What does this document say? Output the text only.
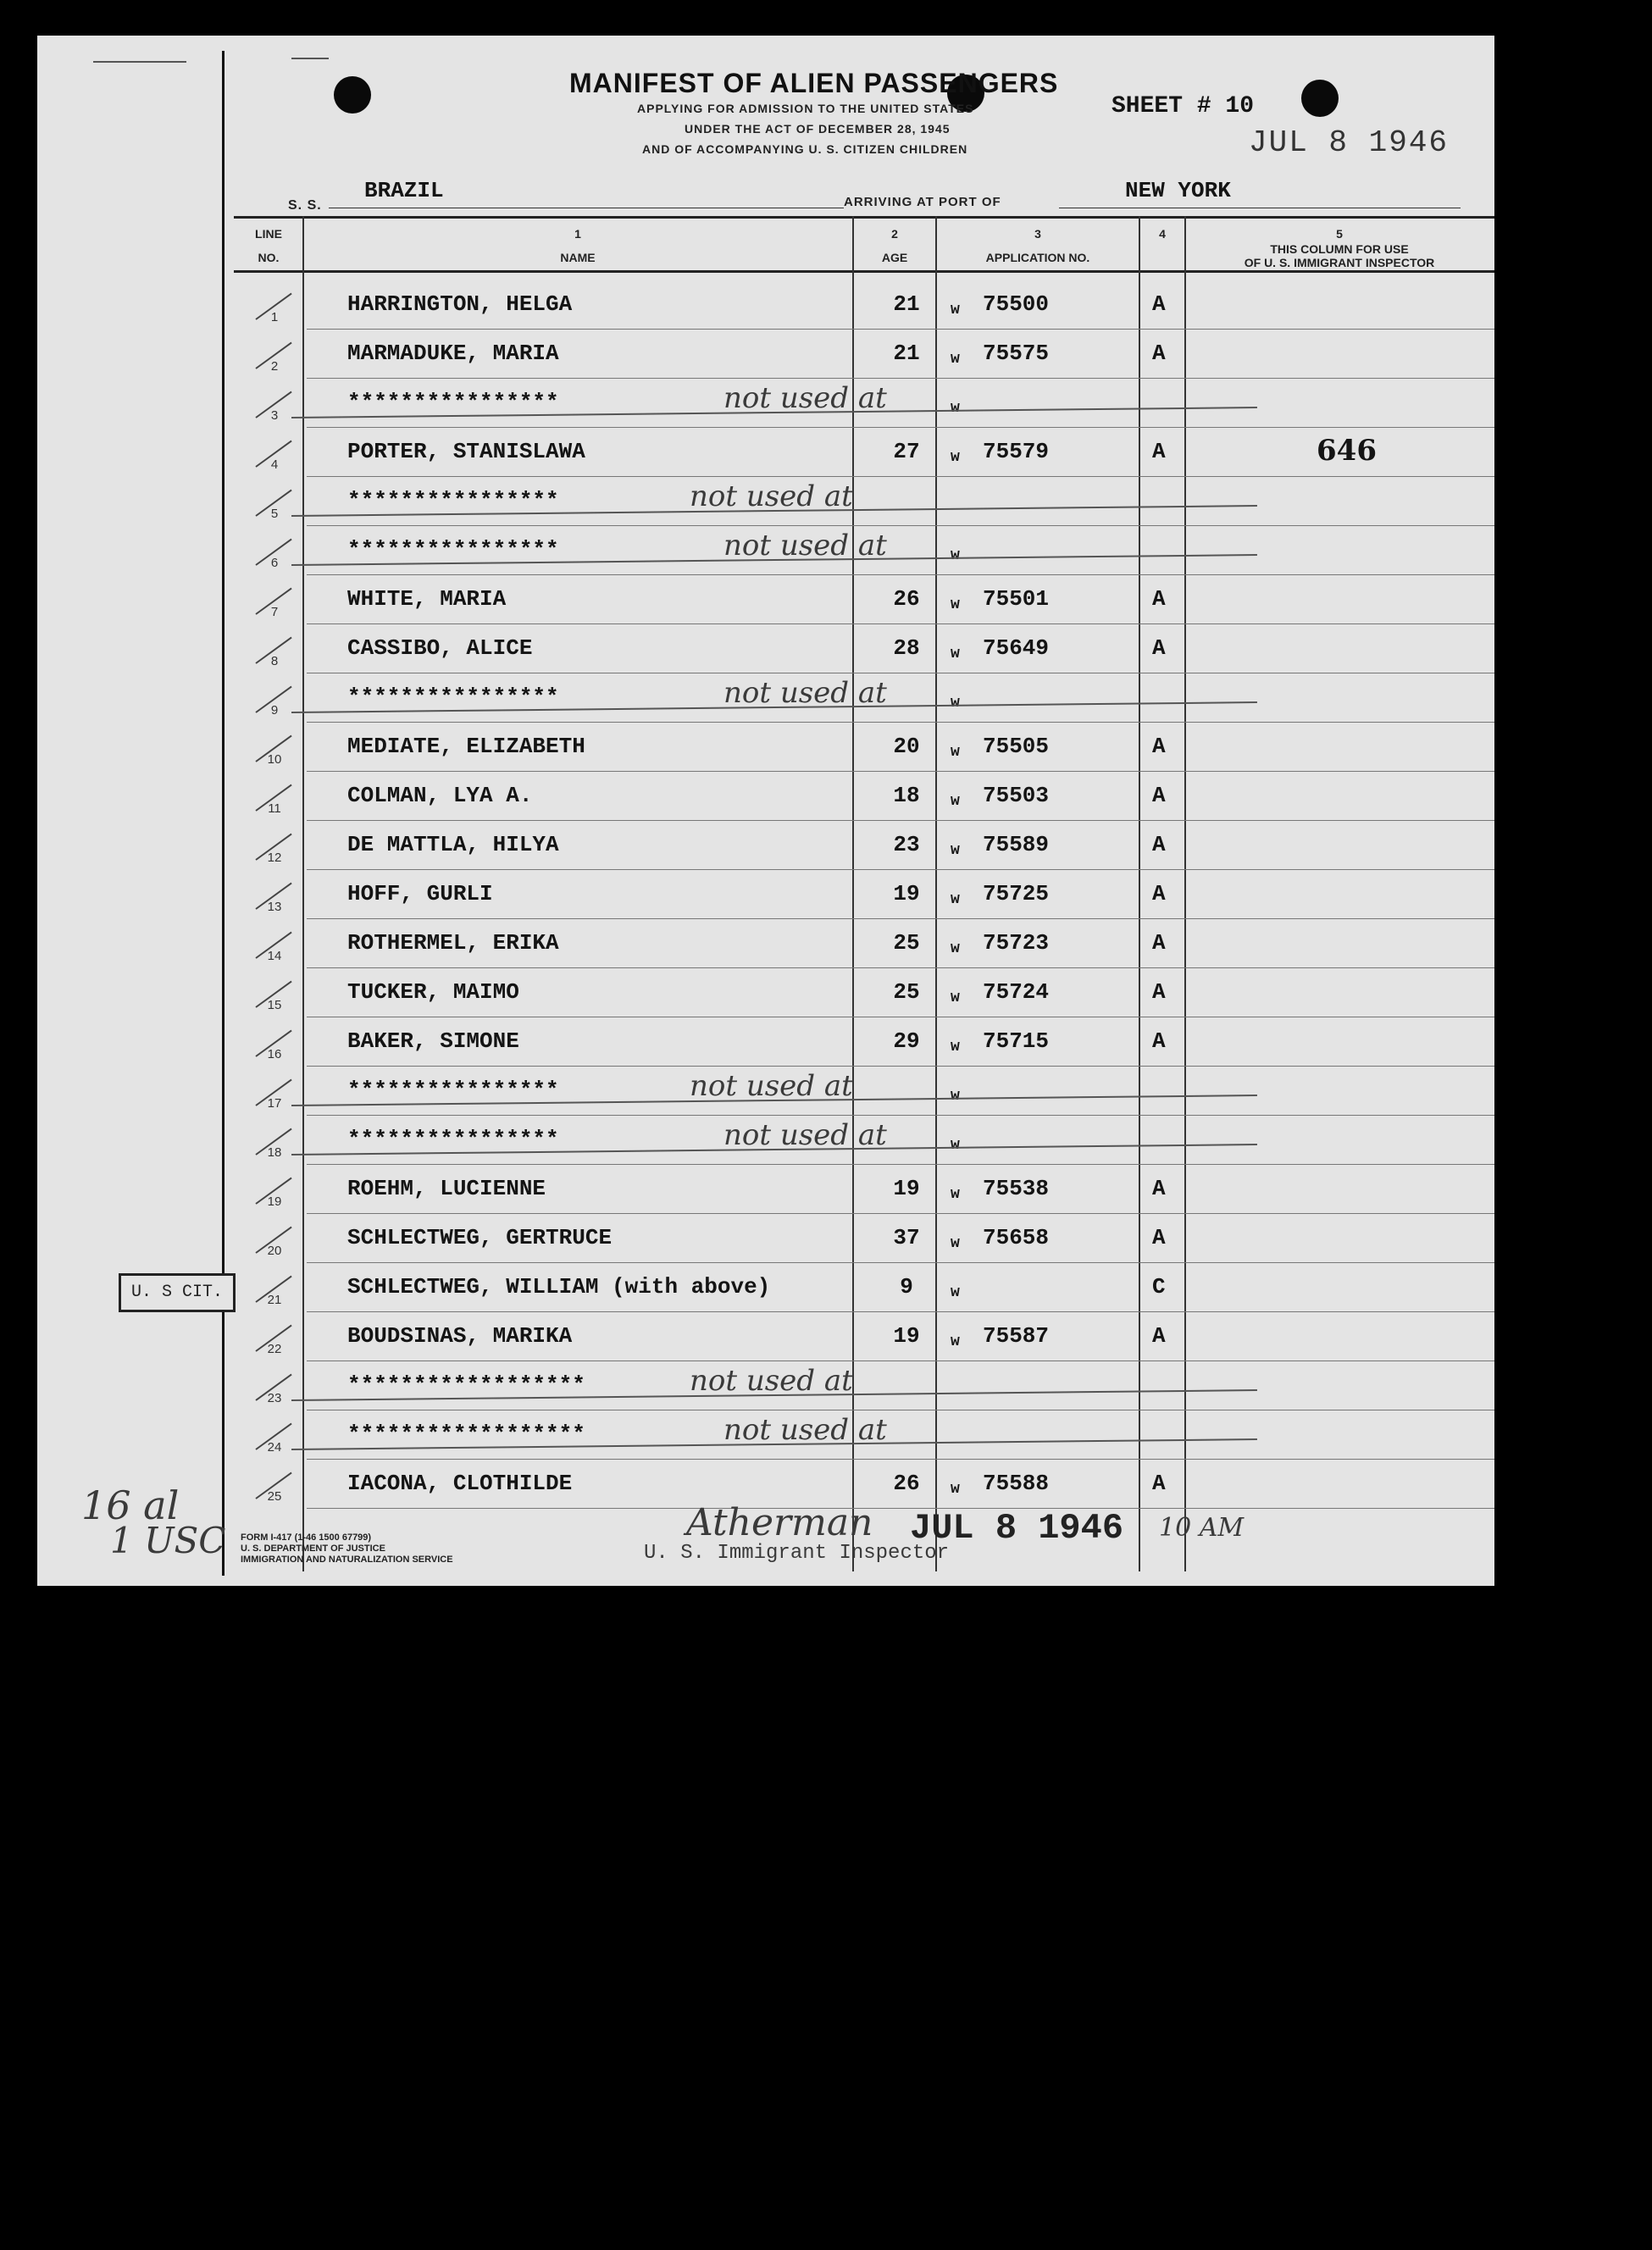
MANIFEST OF ALIEN PASSENGERS
APPLYING FOR ADMISSION TO THE UNITED STATES
UNDER THE ACT OF DECEMBER 28, 1945
AND OF ACCOMPANYING U. S. CITIZEN CHILDREN
SHEET # 10
JUL 8 1946
S. S.
BRAZIL	ARRIVING AT PORT OF	NEW YORK
LINE
NO.
1
NAME
2
AGE
3
APPLICATION NO.
4	5
THIS COLUMN FOR USE
OF U. S. IMMIGRANT INSPECTOR
1
HARRINGTON, HELGA	21	w 75500	A
2
MARMADUKE, MARIA	21	w 75575	A
3
****************	w
not used at
4
PORTER, STANISLAWA	27	w 75579	A
5
****************	not used at
6
****************	w
not used at
7
WHITE, MARIA	26	w 75501	A
8
CASSIBO, ALICE	28	w 75649	A
9
****************	w
not used at
10
MEDIATE, ELIZABETH	20	w 75505	A
11
COLMAN, LYA A.	18	w 75503	A
12
DE MATTLA, HILYA	23	w 75589	A
13
HOFF, GURLI	19	w 75725	A
14
ROTHERMEL, ERIKA	25	w 75723	A
15
TUCKER, MAIMO	25	w 75724	A
16
BAKER, SIMONE	29	w 75715	A
17
****************	w
not used at
18
****************	w
not used at
19
ROEHM, LUCIENNE	19	w 75538	A
20
SCHLECTWEG, GERTRUCE	37	w 75658	A
21
SCHLECTWEG, WILLIAM (with above)	9	w	C
22
BOUDSINAS, MARIKA	19	w 75587	A
23
******************	not used at
24
******************	not used at
25
IACONA, CLOTHILDE	26	w 75588	A
646
U. S CIT.
16 al
1 USC FORM I-417 (1-46 1500 67799)
U. S. DEPARTMENT OF JUSTICE
IMMIGRATION AND NATURALIZATION SERVICE
Atherman JUL 8 1946 10 AM
U. S. Immigrant Inspector
